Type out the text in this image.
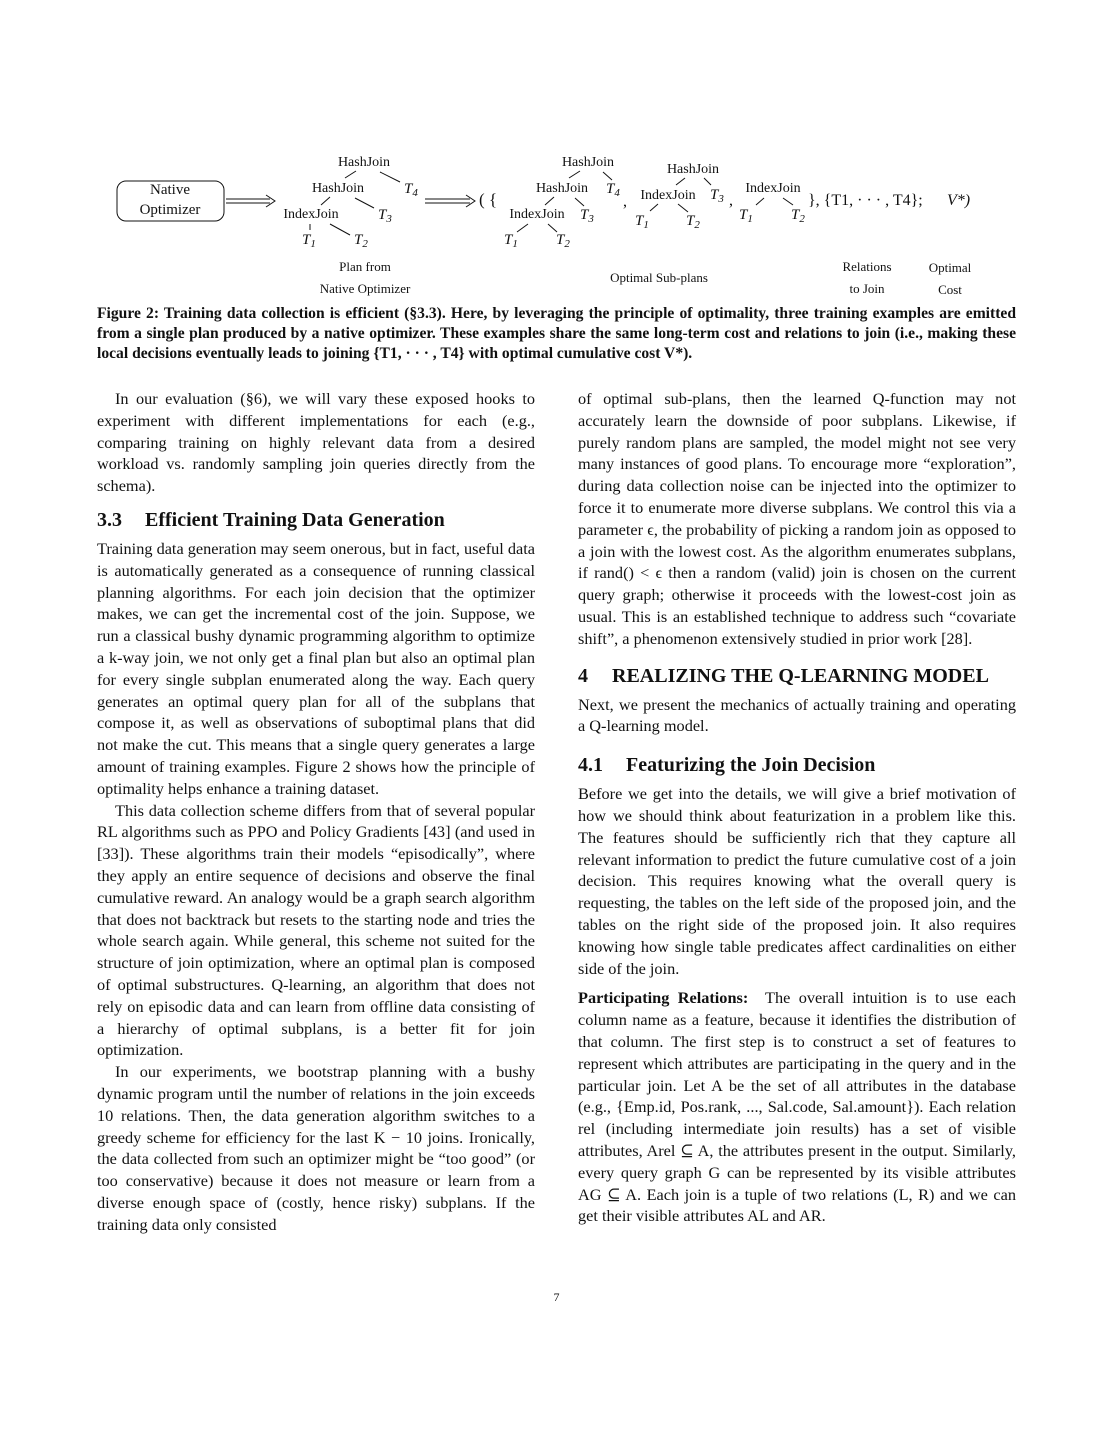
Native
Optimizer
HashJoin
HashJoin	$T_4$
IndexJoin	$T_3$
$T_1$	$T_2$
( {
HashJoin
HashJoin $T_4$
IndexJoin $T_3$
$T_1$	$T_2$
,
HashJoin
IndexJoin $T_3$
$T_1$ $T_2$
,
IndexJoin
$T_1$	$T_2$
}, {T1, · · · , T4}; V*)
Plan from
Native Optimizer
Optimal Sub-plans
Relations
to Join
Optimal
Cost
Figure 2: Training data collection is efficient (§3.3). Here, by leveraging the principle of optimality, three training examples are emitted from a single plan produced by a native optimizer. These examples share the same long-term cost and relations to join (i.e., making these local decisions eventually leads to joining {T1, · · · , T4} with optimal cumulative cost V*).

In our evaluation (§6), we will vary these exposed hooks to experiment with different implementations for each (e.g., comparing training on highly relevant data from a desired workload vs. randomly sampling join queries directly from the schema).

3.3 Efficient Training Data Generation

Training data generation may seem onerous, but in fact, useful data is automatically generated as a consequence of running classical planning algorithms. For each join decision that the optimizer makes, we can get the incremental cost of the join. Suppose, we run a classical bushy dynamic programming algorithm to optimize a k-way join, we not only get a final plan but also an optimal plan for every single subplan enumerated along the way. Each query generates an optimal query plan for all of the subplans that compose it, as well as observations of suboptimal plans that did not make the cut. This means that a single query generates a large amount of training examples. Figure 2 shows how the principle of optimality helps enhance a training dataset.

This data collection scheme differs from that of several popular RL algorithms such as PPO and Policy Gradients [43] (and used in [33]). These algorithms train their models “episodically”, where they apply an entire sequence of decisions and observe the final cumulative reward. An analogy would be a graph search algorithm that does not backtrack but resets to the starting node and tries the whole search again. While general, this scheme not suited for the structure of join optimization, where an optimal plan is composed of optimal substructures. Q-learning, an algorithm that does not rely on episodic data and can learn from offline data consisting of a hierarchy of optimal subplans, is a better fit for join optimization.

In our experiments, we bootstrap planning with a bushy dynamic program until the number of relations in the join exceeds 10 relations. Then, the data generation algorithm switches to a greedy scheme for efficiency for the last K − 10 joins. Ironically, the data collected from such an optimizer might be “too good” (or too conservative) because it does not measure or learn from a diverse enough space of (costly, hence risky) subplans. If the training data only consisted

of optimal sub-plans, then the learned Q-function may not accurately learn the downside of poor subplans. Likewise, if purely random plans are sampled, the model might not see very many instances of good plans. To encourage more “exploration”, during data collection noise can be injected into the optimizer to force it to enumerate more diverse subplans. We control this via a parameter ϵ, the probability of picking a random join as opposed to a join with the lowest cost. As the algorithm enumerates subplans, if rand() < ϵ then a random (valid) join is chosen on the current query graph; otherwise it proceeds with the lowest-cost join as usual. This is an established technique to address such “covariate shift”, a phenomenon extensively studied in prior work [28].

4 REALIZING THE Q-LEARNING MODEL

Next, we present the mechanics of actually training and operating a Q-learning model.

4.1 Featurizing the Join Decision

Before we get into the details, we will give a brief motivation of how we should think about featurization in a problem like this. The features should be sufficiently rich that they capture all relevant information to predict the future cumulative cost of a join decision. This requires knowing what the overall query is requesting, the tables on the left side of the proposed join, and the tables on the right side of the proposed join. It also requires knowing how single table predicates affect cardinalities on either side of the join.

Participating Relations: The overall intuition is to use each column name as a feature, because it identifies the distribution of that column. The first step is to construct a set of features to represent which attributes are participating in the query and in the particular join. Let A be the set of all attributes in the database (e.g., {Emp.id, Pos.rank, ..., Sal.code, Sal.amount}). Each relation rel (including intermediate join results) has a set of visible attributes, Arel ⊆ A, the attributes present in the output. Similarly, every query graph G can be represented by its visible attributes AG ⊆ A. Each join is a tuple of two relations (L, R) and we can get their visible attributes AL and AR.

7
